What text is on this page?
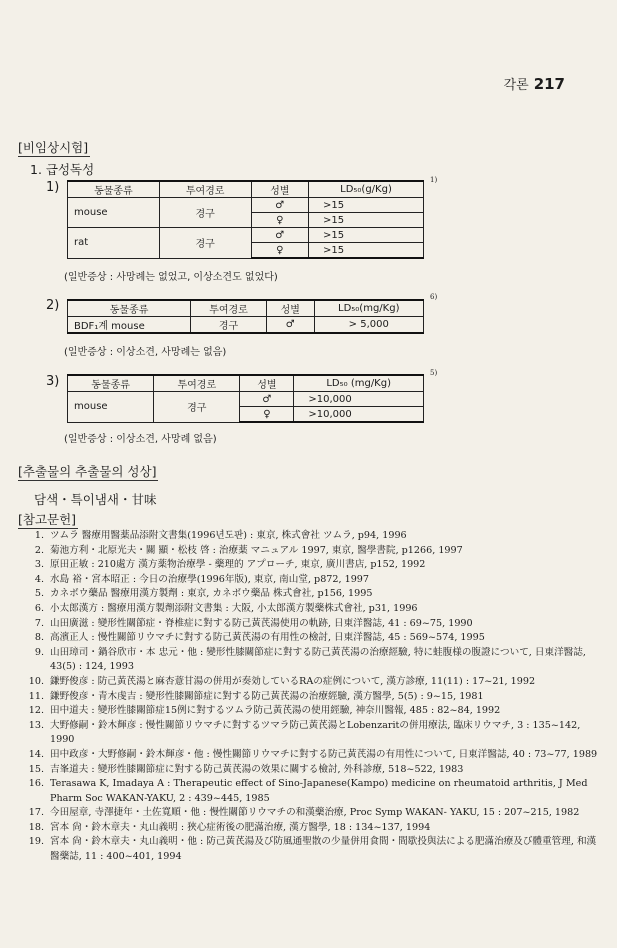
각론 217
[비임상시험]
1. 급성독성
1)	1)
동물종류	투여경로	성별	LD₅₀(g/Kg)
mouse	경구	♂	>15
		♀	>15
rat	경구	♂	>15
		♀	>15
(일반증상 : 사망례는 없었고, 이상소견도 없었다)
2)
6)
동물종류	투여경로	성별	LD₅₀(mg/Kg)
BDF₁계 mouse	경구	♂	> 5,000
(일반증상 : 이상소견, 사망례는 없음)
3)
5)
동물종류	투여경로	성별	LD₅₀ (mg/Kg)
mouse	경구	♂	>10,000
		♀	>10,000
(일반증상 : 이상소견, 사망례 없음)
[추출물의 추출물의 성상]
담색・특이냄새・甘味
[참고문헌]
1. ツムラ 醫療用醫薬品添附文書集(1996년도판) : 東京, 株式會社 ツムラ, p94, 1996
2. 菊池方利・北原光夫・關 顯・松枝 啓 : 治療薬 マニュアル 1997, 東京, 醫學書院, p1266, 1997
3. 原田正敏 : 210處方 漢方薬物治療學 - 藥理的 アプローチ, 東京, 廣川書店, p152, 1992
4. 水島 裕・宮本昭正 : 今日の治療學(1996年版), 東京, 南山堂, p872, 1997
5. カネボウ藥品 醫療用漢方製劑 : 東京, カネボウ藥品 株式會社, p156, 1995
6. 小太郎漢方 : 醫療用漢方製劑添附文書集 : 大阪, 小太郎漢方製藥株式會社, p31, 1996
7. 山田廣滋 : 變形性關節症・脊椎症に對する防己黃芪湯使用の軌跡, 日東洋醫誌, 41 : 69~75, 1990
8. 高濱正人 : 慢性關節リウマチに對する防己黃芪湯の有用性の檢討, 日東洋醫誌, 45 : 569~574, 1995
9. 山田璋司・鍋谷欣市・本 忠元・他 : 變形性膝關節症に對する防己黃芪湯の治療經驗, 特に蛙腹様の腹證について, 日東洋醫誌, 43(5) : 124, 1993
10. 鎌野俊彦 : 防己黃芪湯と麻杏薏甘湯の併用が奏効しているRAの症例について, 漢方診療, 11(11) : 17~21, 1992
11. 鎌野俊彦・青木虔吉 : 變形性膝關節症に對する防己黃芪湯の治療經驗, 漢方醫學, 5(5) : 9~15, 1981
12. 田中道夫 : 變形性膝關節症15例に對するツムラ防己黃芪湯の使用經驗, 神奈川醫報, 485 : 82~84, 1992
13. 大野修嗣・鈴木輝彦 : 慢性關節リウマチに對するツマラ防己黃芪湯とLobenzaritの併用療法, 臨床リウマチ, 3 : 135~142, 1990
14. 田中政彦・大野修嗣・鈴木輝彦・他 : 慢性關節リウマチに對する防己黃芪湯の有用性について, 日東洋醫誌, 40 : 73~77, 1989
15. 吉峯道夫 : 變形性膝關節症に對する防己黃芪湯の效果に關する檢討, 外科診療, 518~522, 1983
16. Terasawa K, Imadaya A : Therapeutic effect of Sino-Japanese(Kampo) medicine on rheumatoid arthritis, J Med Pharm Soc WAKAN-YAKU, 2 : 439~445, 1985
17. 今田屋章, 寺澤捷年・土佐寬順・他 : 慢性關節リウマチの和漢藥治療, Proc Symp WAKAN- YAKU, 15 : 207~215, 1982
18. 宮本 尙・鈴木章夫・丸山義明 : 狹心症術後の肥滿治療, 漢方醫學, 18 : 134~137, 1994
19. 宮本 尙・鈴木章夫・丸山義明・他 : 防己黃芪湯及び防風通聖散の少量併用食間・間歇投與法による肥滿治療及び體重管理, 和漢醫藥誌, 11 : 400~401, 1994
